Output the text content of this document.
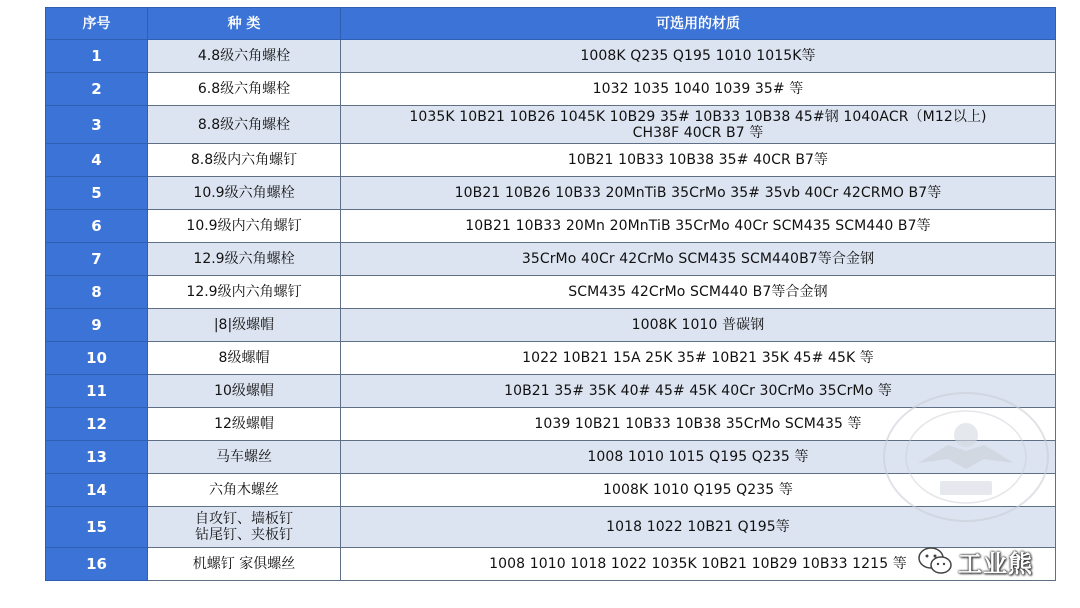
序号	种 类	可选用的材质
1	4.8级六角螺栓	1008K Q235 Q195 1010 1015K等

2	6.8级六角螺栓	1032 1035 1040 1039 35# 等

3	8.8级六角螺栓	1035K 10B21 10B26 1045K 10B29 35# 10B33 10B38 45#钢 1040ACR（M12以上)
CH38F 40CR B7 等

4	8.8级内六角螺钉	10B21 10B33 10B38 35# 40CR B7等

5	10.9级六角螺栓	10B21 10B26 10B33 20MnTiB 35CrMo 35# 35vb 40Cr 42CRMO B7等

6	10.9级内六角螺钉	10B21 10B33 20Mn 20MnTiB 35CrMo 40Cr SCM435 SCM440 B7等

7	12.9级六角螺栓	35CrMo 40Cr 42CrMo SCM435 SCM440B7等合金钢

8	12.9级内六角螺钉	SCM435 42CrMo SCM440 B7等合金钢

9	|8|级螺帽	1008K 1010 普碳钢

10	8级螺帽	1022 10B21 15A 25K 35# 10B21 35K 45# 45K 等

11	10级螺帽	10B21 35# 35K 40# 45# 45K 40Cr 30CrMo 35CrMo 等

12	12级螺帽	1039 10B21 10B33 10B38 35CrMo SCM435 等

13	马车螺丝	1008 1010 1015 Q195 Q235 等

14	六角木螺丝	1008K 1010 Q195 Q235 等

15	自攻钉、墙板钉
钻尾钉、夹板钉	1018 1022 10B21 Q195等

16	机螺钉 家俱螺丝	1008 1010 1018 1022 1035K 10B21 10B29 10B33 1215 等	工业熊
